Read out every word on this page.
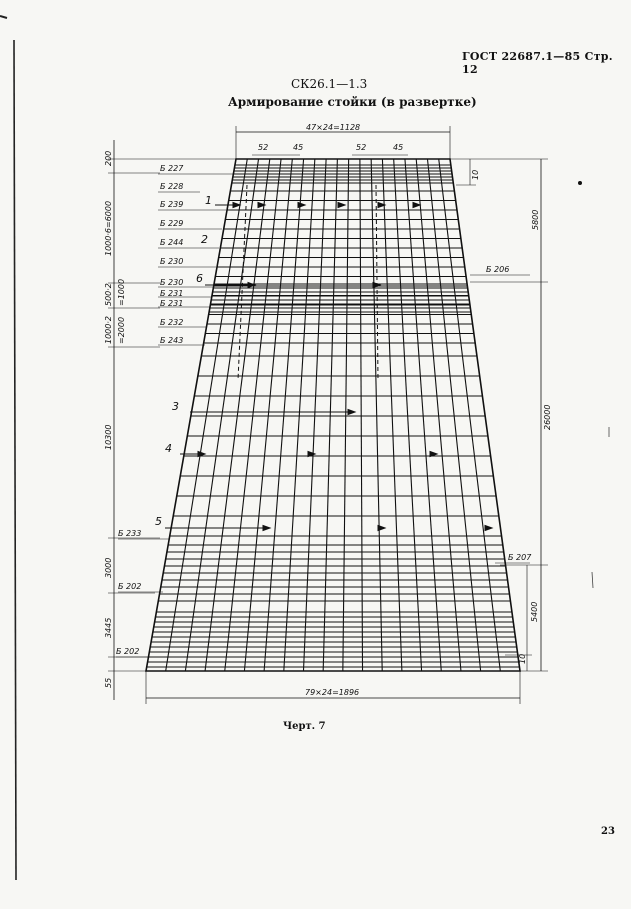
ГОСТ 22687.1—85 Стр. 12
СК26.1—1.3
Армирование стойки (в развертке)
47×24=1128
52	45	52	45
79×24=1896
200
1000·6=6000
500·2 =1000
1000·2 =2000
10300
3000
3445
55
10
5800
26000
5400
10
Б 227
Б 228
Б 239
Б 229
Б 244
Б 230
Б 230
Б 231
Б 231
Б 232
Б 243
Б 233
Б 202
Б 202
Б 206
Б 207
1
2
6
3
4
5
Черт. 7
23
